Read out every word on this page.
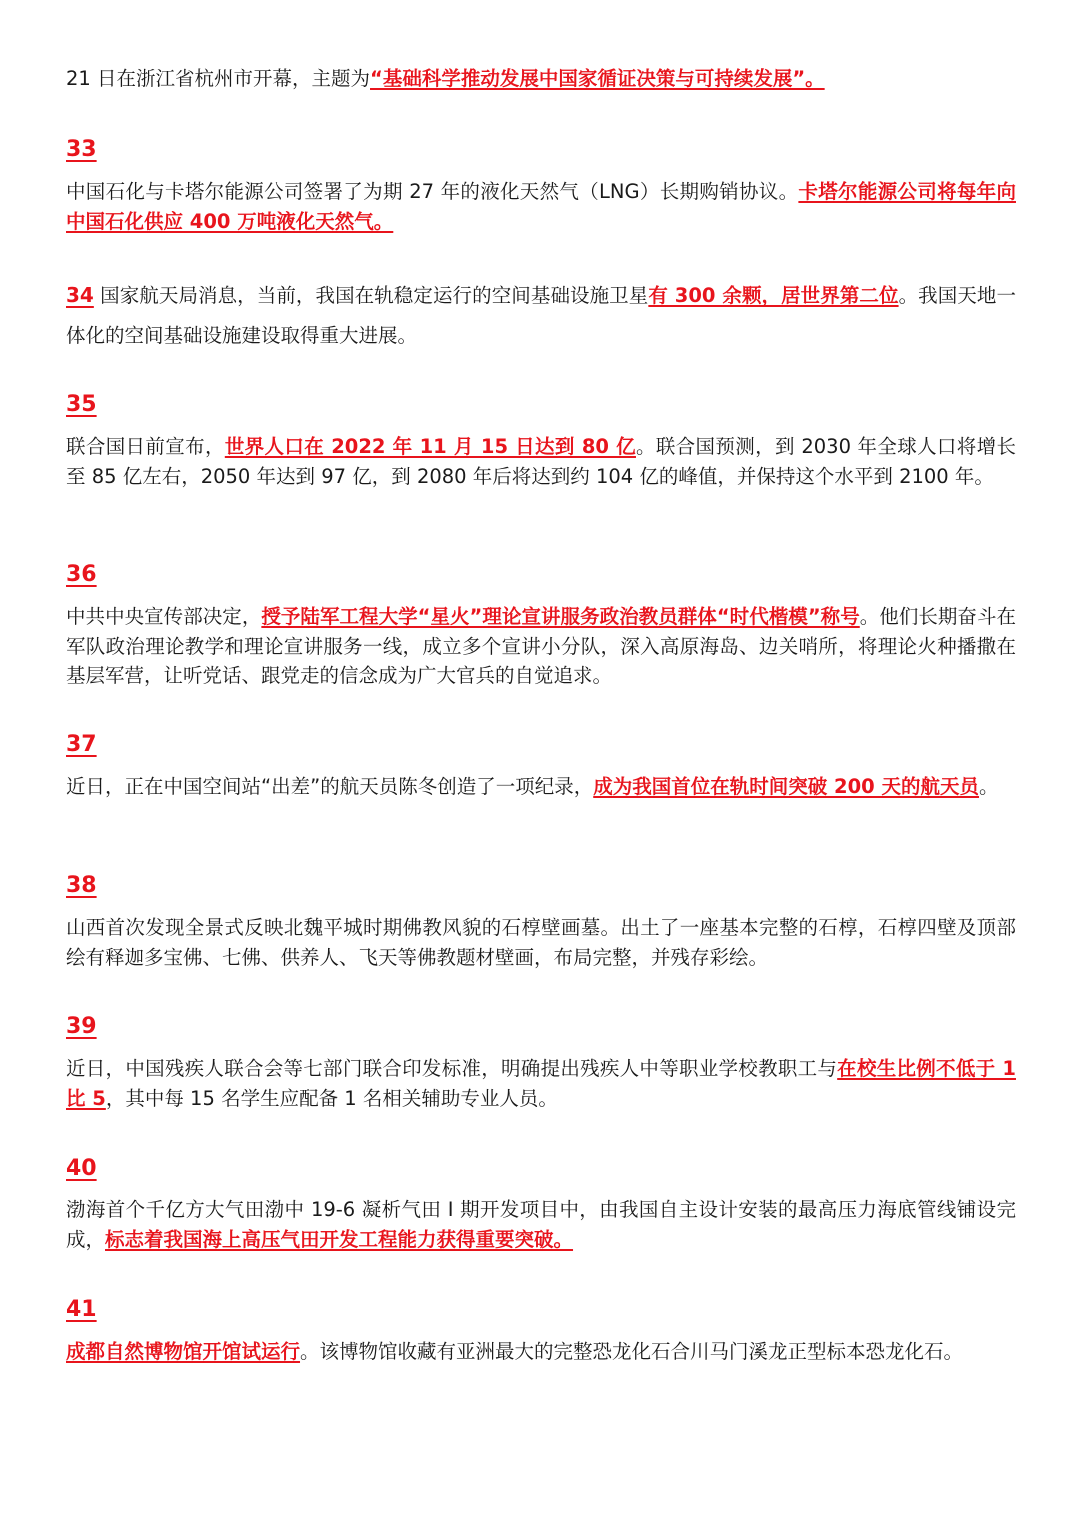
21 日在浙江省杭州市开幕，主题为“基础科学推动发展中国家循证决策与可持续发展”。

33

中国石化与卡塔尔能源公司签署了为期 27 年的液化天然气（LNG）长期购销协议。卡塔尔能源公司将每年向中国石化供应 400 万吨液化天然气。

34 国家航天局消息，当前，我国在轨稳定运行的空间基础设施卫星有 300 余颗，居世界第二位。我国天地一体化的空间基础设施建设取得重大进展。

35

联合国日前宣布，世界人口在 2022 年 11 月 15 日达到 80 亿。联合国预测，到 2030 年全球人口将增长至 85 亿左右，2050 年达到 97 亿，到 2080 年后将达到约 104 亿的峰值，并保持这个水平到 2100 年。

36

中共中央宣传部决定，授予陆军工程大学“星火”理论宣讲服务政治教员群体“时代楷模”称号。他们长期奋斗在军队政治理论教学和理论宣讲服务一线，成立多个宣讲小分队，深入高原海岛、边关哨所，将理论火种播撒在基层军营，让听党话、跟党走的信念成为广大官兵的自觉追求。

37

近日，正在中国空间站“出差”的航天员陈冬创造了一项纪录，成为我国首位在轨时间突破 200 天的航天员。

38

山西首次发现全景式反映北魏平城时期佛教风貌的石椁壁画墓。出土了一座基本完整的石椁，石椁四壁及顶部绘有释迦多宝佛、七佛、供养人、飞天等佛教题材壁画，布局完整，并残存彩绘。

39

近日，中国残疾人联合会等七部门联合印发标准，明确提出残疾人中等职业学校教职工与在校生比例不低于 1 比 5，其中每 15 名学生应配备 1 名相关辅助专业人员。

40

渤海首个千亿方大气田渤中 19-6 凝析气田 I 期开发项目中，由我国自主设计安装的最高压力海底管线铺设完成，标志着我国海上高压气田开发工程能力获得重要突破。

41

成都自然博物馆开馆试运行。该博物馆收藏有亚洲最大的完整恐龙化石合川马门溪龙正型标本恐龙化石。
